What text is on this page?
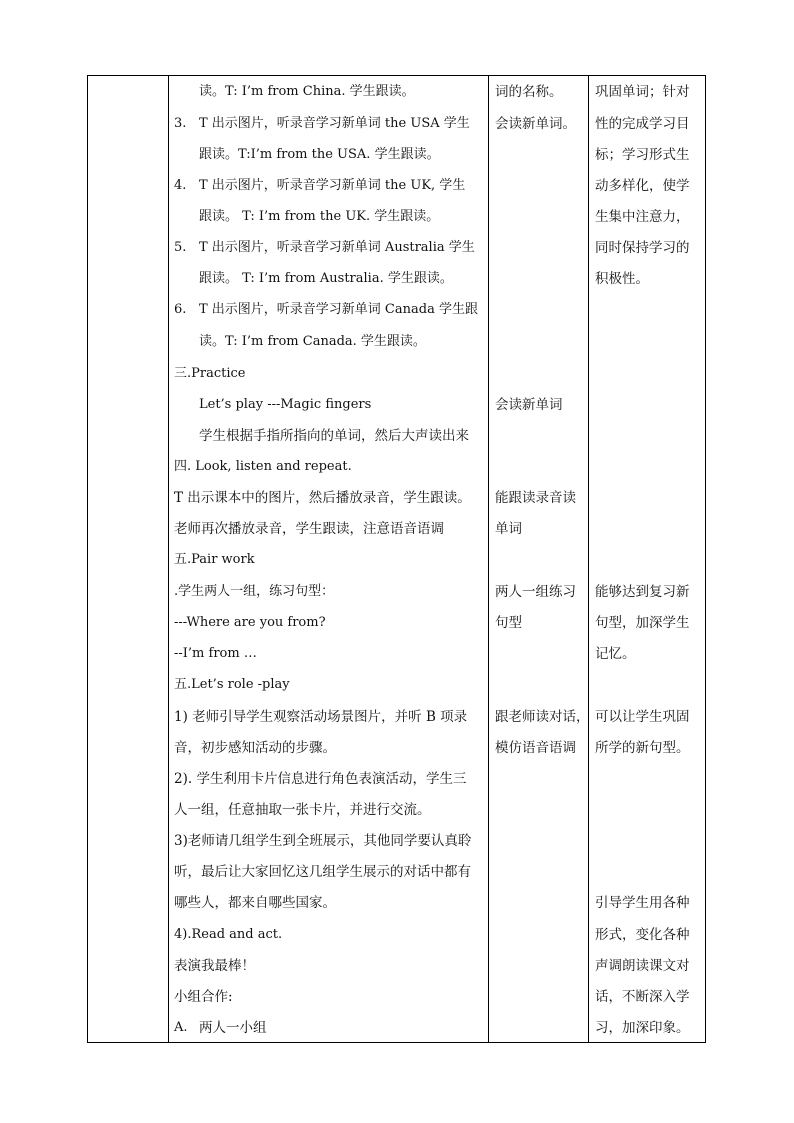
读。T: I’m from China. 学生跟读。
3. T 出示图片，听录音学习新单词 the USA 学生
跟读。T:I’m from the USA. 学生跟读。
4. T 出示图片，听录音学习新单词 the UK, 学生
跟读。 T: I’m from the UK. 学生跟读。
5. T 出示图片，听录音学习新单词 Australia 学生
跟读。 T: I’m from Australia. 学生跟读。
6. T 出示图片，听录音学习新单词 Canada 学生跟
读。T: I’m from Canada. 学生跟读。
三.Practice
Let’s play ---Magic fingers
学生根据手指所指向的单词，然后大声读出来
四. Look, listen and repeat.
T 出示课本中的图片，然后播放录音，学生跟读。
老师再次播放录音，学生跟读，注意语音语调
五.Pair work
.学生两人一组，练习句型：
---Where are you from?
--I’m from …
五.Let’s role -play
1) 老师引导学生观察活动场景图片，并听 B 项录
音，初步感知活动的步骤。
2). 学生利用卡片信息进行角色表演活动，学生三
人一组，任意抽取一张卡片，并进行交流。
3)老师请几组学生到全班展示，其他同学要认真聆
听，最后让大家回忆这几组学生展示的对话中都有
哪些人，都来自哪些国家。
4).Read and act.
表演我最棒！
小组合作:
A. 两人一小组
词的名称。
会读新单词。
会读新单词
能跟读录音读
单词
两人一组练习
句型
跟老师读对话，
模仿语音语调
巩固单词；针对
性的完成学习目
标；学习形式生
动多样化，使学
生集中注意力，
同时保持学习的
积极性。
能够达到复习新
句型，加深学生
记忆。
可以让学生巩固
所学的新句型。
引导学生用各种
形式，变化各种
声调朗读课文对
话，不断深入学
习，加深印象。
